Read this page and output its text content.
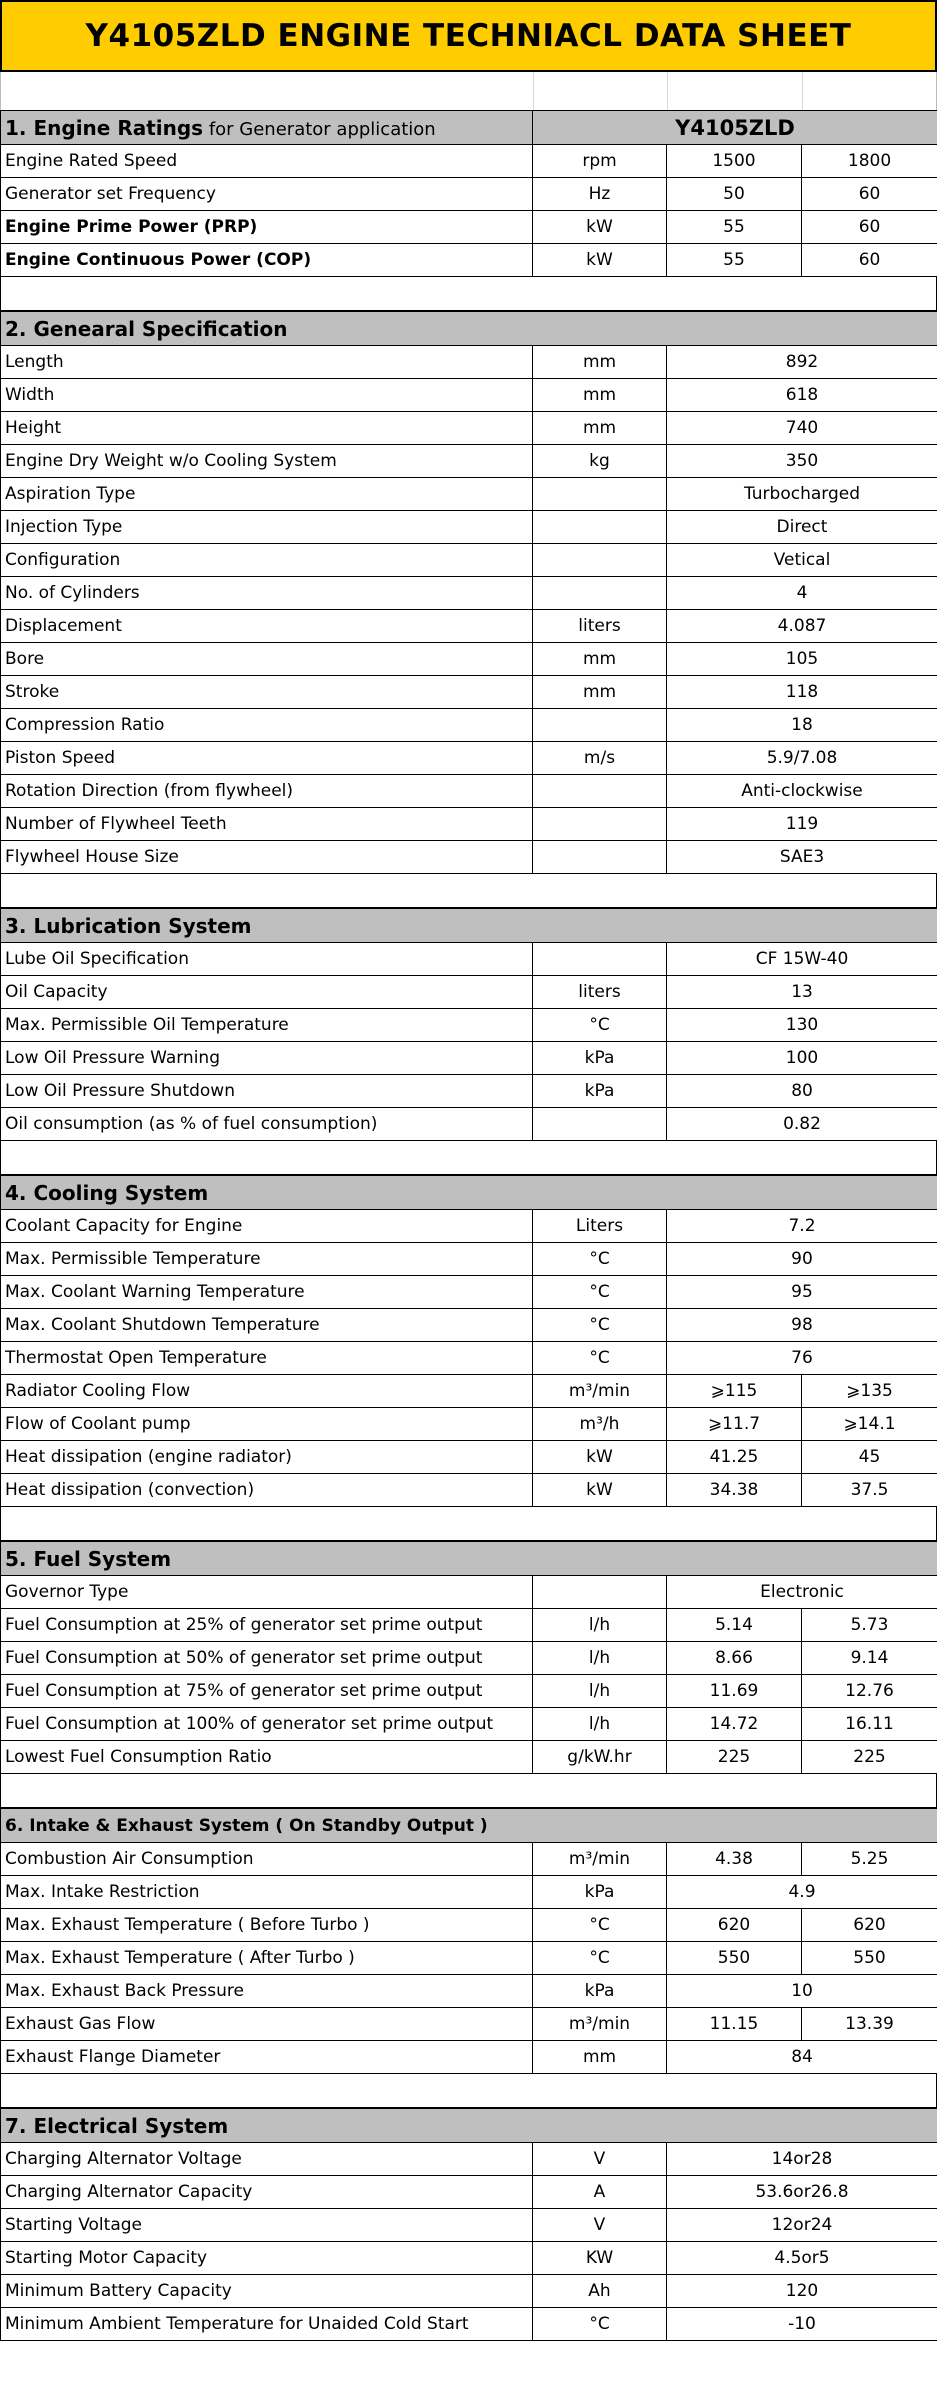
Y4105ZLD ENGINE TECHNIACL DATA SHEET
1. Engine Ratings for Generator application	Y4105ZLD		
Engine Rated Speed	rpm	1500	1800
Generator set Frequency	Hz	50	60
Engine Prime Power (PRP)	kW	55	60
Engine Continuous Power (COP)	kW	55	60
2. Genearal Specification		
Length	mm	892
Width	mm	618
Height	mm	740
Engine Dry Weight w/o Cooling System	kg	350
Aspiration Type		Turbocharged
Injection Type		Direct
Configuration		Vetical
No. of Cylinders		4
Displacement	liters	4.087
Bore	mm	105
Stroke	mm	118
Compression Ratio		18
Piston Speed	m/s	5.9/7.08
Rotation Direction (from flywheel)		Anti-clockwise
Number of Flywheel Teeth		119
Flywheel House Size		SAE3
3. Lubrication System		
Lube Oil Specification		CF 15W-40
Oil Capacity	liters	13
Max. Permissible Oil Temperature	°C	130
Low Oil Pressure Warning	kPa	100
Low Oil Pressure Shutdown	kPa	80
Oil consumption (as % of fuel consumption)		0.82
4. Cooling System			
Coolant Capacity for Engine	Liters	7.2	
Max. Permissible Temperature	°C	90	
Max. Coolant Warning Temperature	°C	95	
Max. Coolant Shutdown Temperature	°C	98	
Thermostat Open Temperature	°C	76	
Radiator Cooling Flow	m³/min	⩾115	⩾135
Flow of Coolant pump	m³/h	⩾11.7	⩾14.1
Heat dissipation (engine radiator)	kW	41.25	45
Heat dissipation (convection)	kW	34.38	37.5
5. Fuel System			
Governor Type		Electronic	
Fuel Consumption at 25% of generator set prime output	l/h	5.14	5.73
Fuel Consumption at 50% of generator set prime output	l/h	8.66	9.14
Fuel Consumption at 75% of generator set prime output	l/h	11.69	12.76
Fuel Consumption at 100% of generator set prime output	l/h	14.72	16.11
Lowest Fuel Consumption Ratio	g/kW.hr	225	225
6. Intake & Exhaust System ( On Standby Output )			
Combustion Air Consumption	m³/min	4.38	5.25
Max. Intake Restriction	kPa	4.9	
Max. Exhaust Temperature ( Before Turbo )	°C	620	620
Max. Exhaust Temperature ( After Turbo )	°C	550	550
Max. Exhaust Back Pressure	kPa	10	
Exhaust Gas Flow	m³/min	11.15	13.39
Exhaust Flange Diameter	mm	84	
7. Electrical System		
Charging Alternator Voltage	V	14or28
Charging Alternator Capacity	A	53.6or26.8
Starting Voltage	V	12or24
Starting Motor Capacity	KW	4.5or5
Minimum Battery Capacity	Ah	120
Minimum Ambient Temperature for Unaided Cold Start	°C	-10
